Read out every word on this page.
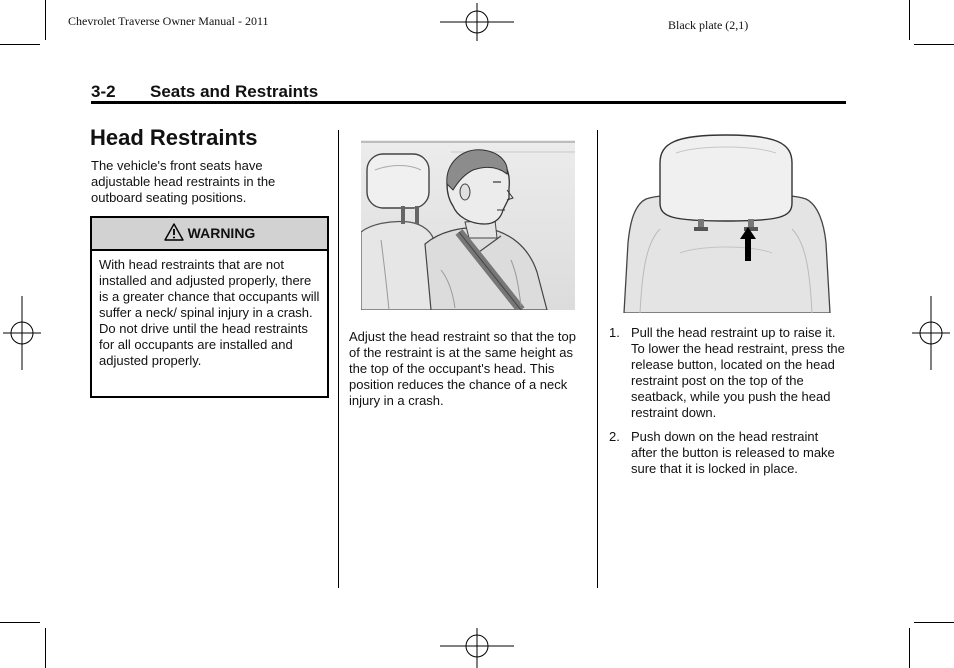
Chevrolet Traverse Owner Manual - 2011	Black plate (2,1)
3-2 Seats and Restraints
Head Restraints
The vehicle's front seats have adjustable head restraints in the outboard seating positions.
WARNING
With head restraints that are not installed and adjusted properly, there is a greater chance that occupants will suffer a neck/ spinal injury in a crash. Do not drive until the head restraints for all occupants are installed and adjusted properly.
Adjust the head restraint so that the top of the restraint is at the same height as the top of the occupant's head. This position reduces the chance of a neck injury in a crash.
1. Pull the head restraint up to raise it. To lower the head restraint, press the release button, located on the head restraint post on the top of the seatback, while you push the head restraint down.
2. Push down on the head restraint after the button is released to make sure that it is locked in place.
